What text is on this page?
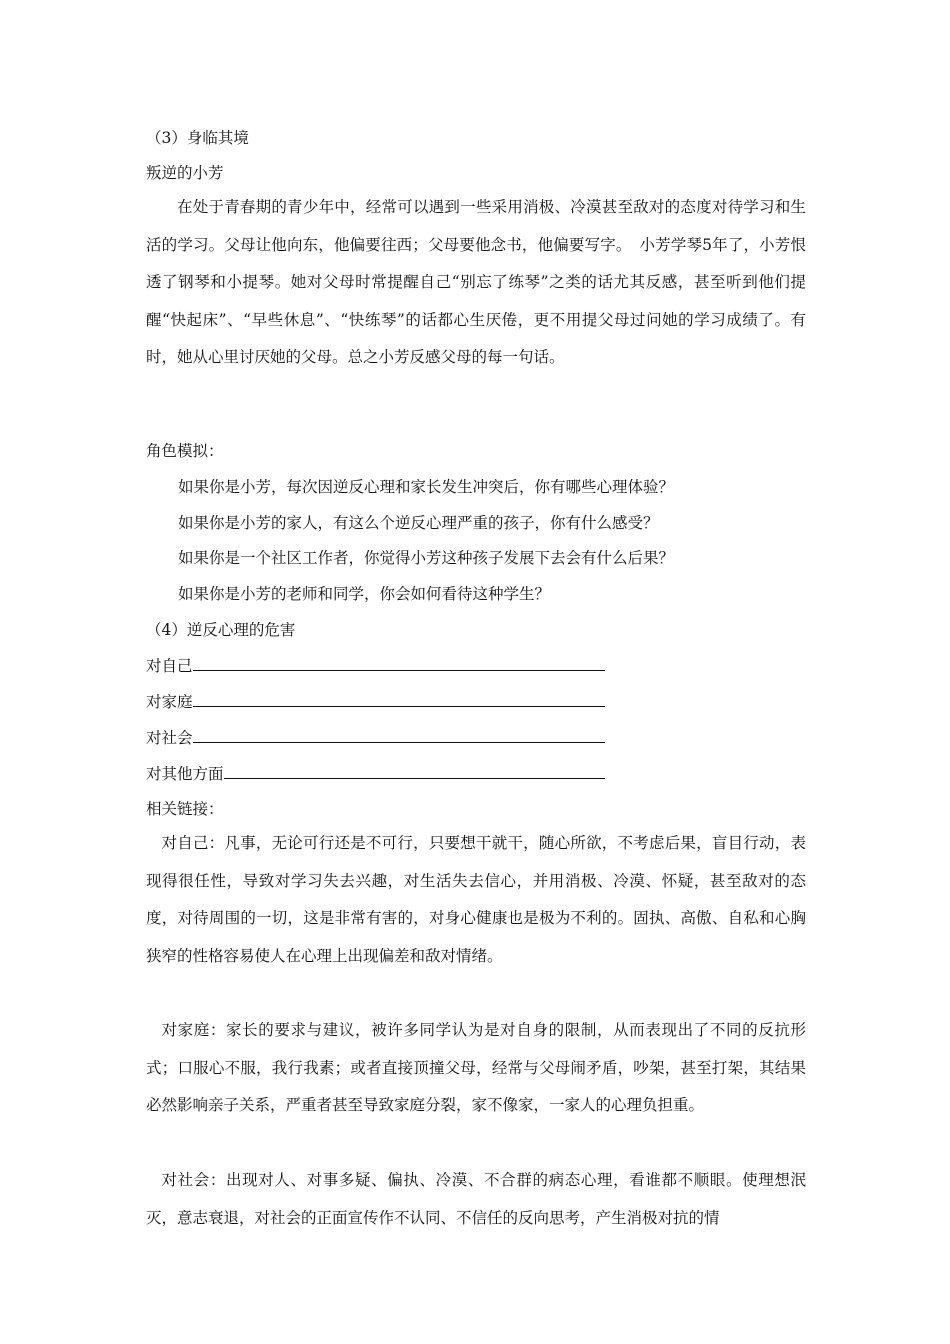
（3）身临其境
叛逆的小芳
在处于青春期的青少年中，经常可以遇到一些采用消极、冷漠甚至敌对的态度对待学习和生活的学习。父母让他向东，他偏要往西；父母要他念书，他偏要写字。　小芳学琴5年了，小芳恨透了钢琴和小提琴。她对父母时常提醒自己“别忘了练琴”之类的话尤其反感，甚至听到他们提醒“快起床”、“早些休息”、“快练琴”的话都心生厌倦，更不用提父母过问她的学习成绩了。有时，她从心里讨厌她的父母。总之小芳反感父母的每一句话。
角色模拟：
如果你是小芳，每次因逆反心理和家长发生冲突后，你有哪些心理体验？
如果你是小芳的家人，有这么个逆反心理严重的孩子，你有什么感受？
如果你是一个社区工作者，你觉得小芳这种孩子发展下去会有什么后果？
如果你是小芳的老师和同学，你会如何看待这种学生？
（4）逆反心理的危害
对自己
对家庭
对社会
对其他方面
相关链接：
对自己：凡事，无论可行还是不可行，只要想干就干，随心所欲，不考虑后果，盲目行动，表现得很任性，导致对学习失去兴趣，对生活失去信心，并用消极、冷漠、怀疑，甚至敌对的态度，对待周围的一切，这是非常有害的，对身心健康也是极为不利的。固执、高傲、自私和心胸狭窄的性格容易使人在心理上出现偏差和敌对情绪。
对家庭：家长的要求与建议，被许多同学认为是对自身的限制，从而表现出了不同的反抗形式；口服心不服，我行我素；或者直接顶撞父母，经常与父母闹矛盾，吵架，甚至打架，其结果必然影响亲子关系，严重者甚至导致家庭分裂，家不像家，一家人的心理负担重。
对社会：出现对人、对事多疑、偏执、冷漠、不合群的病态心理，看谁都不顺眼。使理想泯灭，意志衰退，对社会的正面宣传作不认同、不信任的反向思考，产生消极对抗的情
